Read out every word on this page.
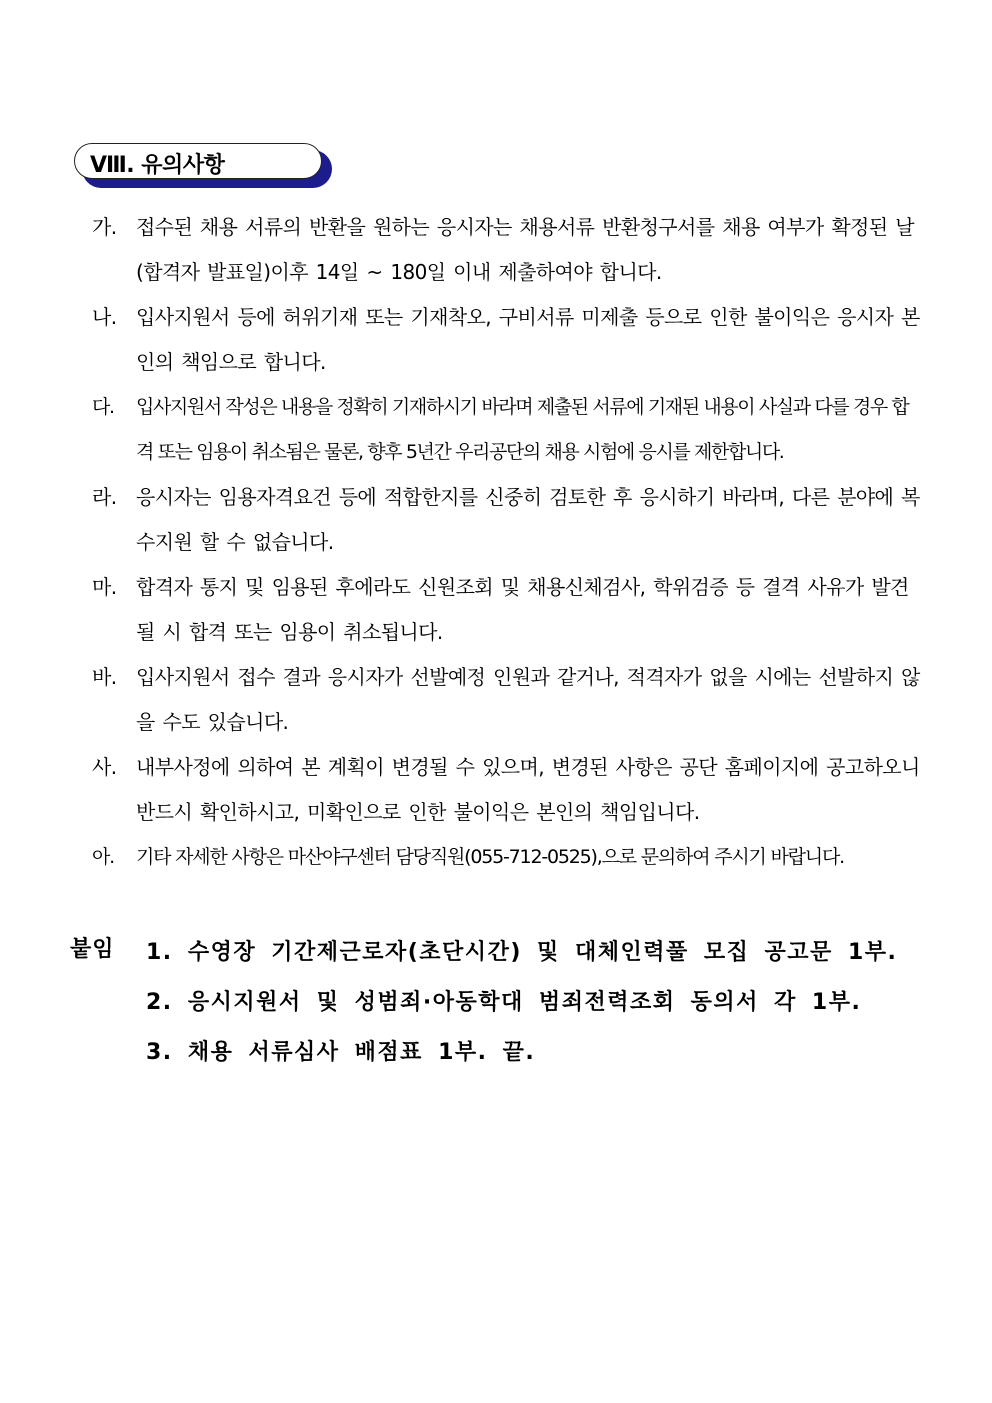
Ⅷ. 유의사항
가. 접수된 채용 서류의 반환을 원하는 응시자는 채용서류 반환청구서를 채용 여부가 확정된 날(합격자 발표일)이후 14일 ~ 180일 이내 제출하여야 합니다.
나. 입사지원서 등에 허위기재 또는 기재착오, 구비서류 미제출 등으로 인한 불이익은 응시자 본인의 책임으로 합니다.
다. 입사지원서 작성은 내용을 정확히 기재하시기 바라며 제출된 서류에 기재된 내용이 사실과 다를 경우 합격 또는 임용이 취소됨은 물론, 향후 5년간 우리공단의 채용 시험에 응시를 제한합니다.
라. 응시자는 임용자격요건 등에 적합한지를 신중히 검토한 후 응시하기 바라며, 다른 분야에 복수지원 할 수 없습니다.
마. 합격자 통지 및 임용된 후에라도 신원조회 및 채용신체검사, 학위검증 등 결격 사유가 발견될 시 합격 또는 임용이 취소됩니다.
바. 입사지원서 접수 결과 응시자가 선발예정 인원과 같거나, 적격자가 없을 시에는 선발하지 않을 수도 있습니다.
사. 내부사정에 의하여 본 계획이 변경될 수 있으며, 변경된 사항은 공단 홈페이지에 공고하오니 반드시 확인하시고, 미확인으로 인한 불이익은 본인의 책임입니다.
아. 기타 자세한 사항은 마산야구센터 담당직원(055-712-0525),으로 문의하여 주시기 바랍니다.
붙임 1. 수영장 기간제근로자(초단시간) 및 대체인력풀 모집 공고문 1부.
2. 응시지원서 및 성범죄·아동학대 범죄전력조회 동의서 각 1부.
3. 채용 서류심사 배점표 1부. 끝.
